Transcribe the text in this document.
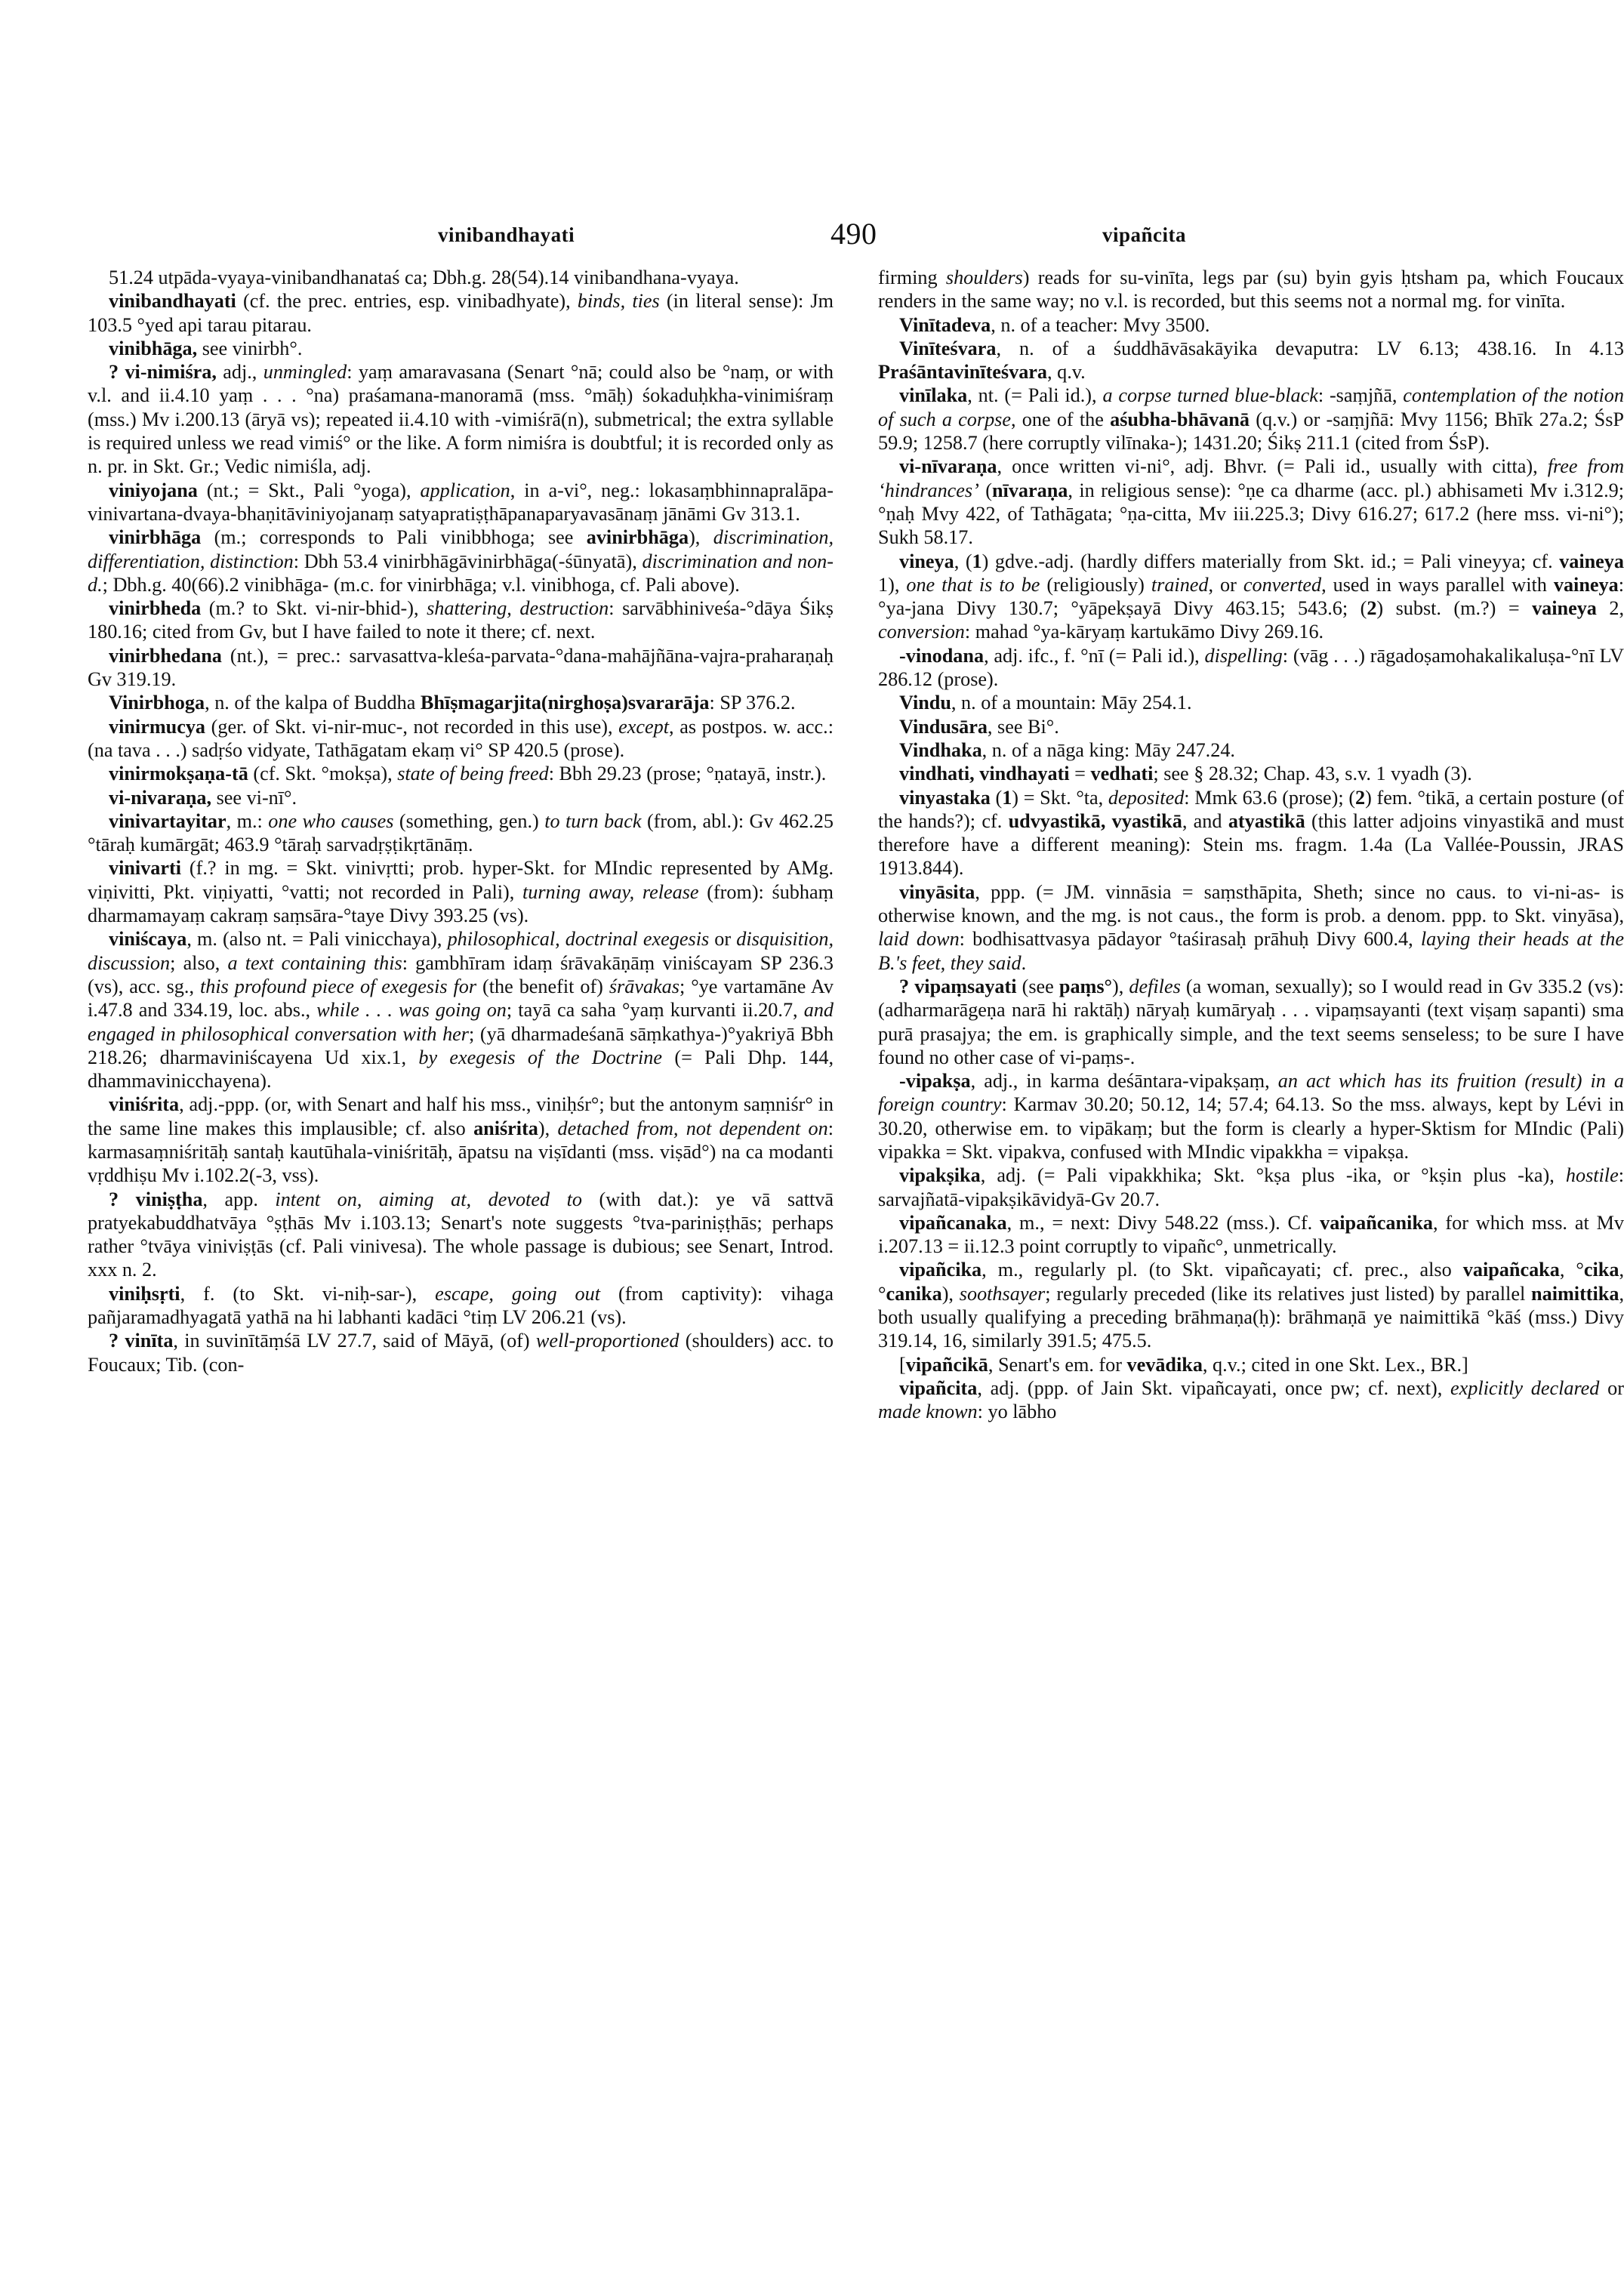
vinibandhayati	490	vipañcita

51.24 utpāda-vyaya-vinibandhanataś ca; Dbh.g. 28(54).14 vinibandhana-vyaya.

vinibandhayati (cf. the prec. entries, esp. vinibadhyate), binds, ties (in literal sense): Jm 103.5 °yed api tarau pitarau.

vinibhāga, see vinirbh°.

? vi-nimiśra, adj., unmingled: yaṃ amaravasana (Senart °nā; could also be °naṃ, or with v.l. and ii.4.10 yaṃ . . . °na) praśamana-manoramā (mss. °māḥ) śokaduḥkha-vinimiśraṃ (mss.) Mv i.200.13 (āryā vs); repeated ii.4.10 with -vimiśrā(n), submetrical; the extra syllable is required unless we read vimiś° or the like. A form nimiśra is doubtful; it is recorded only as n. pr. in Skt. Gr.; Vedic nimiśla, adj.

viniyojana (nt.; = Skt., Pali °yoga), application, in a-vi°, neg.: lokasaṃbhinnapralāpa-vinivartana-dvaya-bhaṇitāviniyojanaṃ satyapratiṣṭhāpanaparyavasānaṃ jānāmi Gv 313.1.

vinirbhāga (m.; corresponds to Pali vinibbhoga; see avinirbhāga), discrimination, differentiation, distinction: Dbh 53.4 vinirbhāgāvinirbhāga(-śūnyatā), discrimination and non-d.; Dbh.g. 40(66).2 vinibhāga- (m.c. for vinirbhāga; v.l. vinibhoga, cf. Pali above).

vinirbheda (m.? to Skt. vi-nir-bhid-), shattering, destruction: sarvābhiniveśa-°dāya Śikṣ 180.16; cited from Gv, but I have failed to note it there; cf. next.

vinirbhedana (nt.), = prec.: sarvasattva-kleśa-parvata-°dana-mahājñāna-vajra-praharaṇaḥ Gv 319.19.

Vinirbhoga, n. of the kalpa of Buddha Bhīṣmagarjita(nirghoṣa)svararāja: SP 376.2.

vinirmucya (ger. of Skt. vi-nir-muc-, not recorded in this use), except, as postpos. w. acc.: (na tava . . .) sadṛśo vidyate, Tathāgatam ekaṃ vi° SP 420.5 (prose).

vinirmokṣaṇa-tā (cf. Skt. °mokṣa), state of being freed: Bbh 29.23 (prose; °ṇatayā, instr.).

vi-nivaraṇa, see vi-nī°.

vinivartayitar, m.: one who causes (something, gen.) to turn back (from, abl.): Gv 462.25 °tāraḥ kumārgāt; 463.9 °tāraḥ sarvadṛṣṭikṛtānāṃ.

vinivarti (f.? in mg. = Skt. vinivṛtti; prob. hyper-Skt. for MIndic represented by AMg. viṇivitti, Pkt. viṇiyatti, °vatti; not recorded in Pali), turning away, release (from): śubhaṃ dharmamayaṃ cakraṃ saṃsāra-°taye Divy 393.25 (vs).

viniścaya, m. (also nt. = Pali vinicchaya), philosophical, doctrinal exegesis or disquisition, discussion; also, a text containing this: gambhīram idaṃ śrāvakāṇāṃ viniścayam SP 236.3 (vs), acc. sg., this profound piece of exegesis for (the benefit of) śrāvakas; °ye vartamāne Av i.47.8 and 334.19, loc. abs., while . . . was going on; tayā ca saha °yaṃ kurvanti ii.20.7, and engaged in philosophical conversation with her; (yā dharmadeśanā sāṃkathya-)°yakriyā Bbh 218.26; dharmaviniścayena Ud xix.1, by exegesis of the Doctrine (= Pali Dhp. 144, dhammavinicchayena).

viniśrita, adj.-ppp. (or, with Senart and half his mss., viniḥśr°; but the antonym saṃniśr° in the same line makes this implausible; cf. also aniśrita), detached from, not dependent on: karmasaṃniśritāḥ santaḥ kautūhala-viniśritāḥ, āpatsu na viṣīdanti (mss. viṣād°) na ca modanti vṛddhiṣu Mv i.102.2(-3, vss).

? viniṣṭha, app. intent on, aiming at, devoted to (with dat.): ye vā sattvā pratyekabuddhatvāya °ṣṭhās Mv i.103.13; Senart's note suggests °tva-pariniṣṭhās; perhaps rather °tvāya viniviṣṭās (cf. Pali vinivesa). The whole passage is dubious; see Senart, Introd. xxx n. 2.

viniḥsṛti, f. (to Skt. vi-niḥ-sar-), escape, going out (from captivity): vihaga pañjaramadhyagatā yathā na hi labhanti kadāci °tiṃ LV 206.21 (vs).

? vinīta, in suvinītāṃśā LV 27.7, said of Māyā, (of) well-proportioned (shoulders) acc. to Foucaux; Tib. (con-

firming shoulders) reads for su-vinīta, legs par (su) byin gyis ḥtsham pa, which Foucaux renders in the same way; no v.l. is recorded, but this seems not a normal mg. for vinīta.

Vinītadeva, n. of a teacher: Mvy 3500.

Vinīteśvara, n. of a śuddhāvāsakāyika devaputra: LV 6.13; 438.16. In 4.13 Praśāntavinīteśvara, q.v.

vinīlaka, nt. (= Pali id.), a corpse turned blue-black: -saṃjñā, contemplation of the notion of such a corpse, one of the aśubha-bhāvanā (q.v.) or -saṃjñā: Mvy 1156; Bhīk 27a.2; ŚsP 59.9; 1258.7 (here corruptly vilīnaka-); 1431.20; Śikṣ 211.1 (cited from ŚsP).

vi-nīvaraṇa, once written vi-ni°, adj. Bhvr. (= Pali id., usually with citta), free from ‘hindrances’ (nīvaraṇa, in religious sense): °ṇe ca dharme (acc. pl.) abhisameti Mv i.312.9; °ṇaḥ Mvy 422, of Tathāgata; °ṇa-citta, Mv iii.225.3; Divy 616.27; 617.2 (here mss. vi-ni°); Sukh 58.17.

vineya, (1) gdve.-adj. (hardly differs materially from Skt. id.; = Pali vineyya; cf. vaineya 1), one that is to be (religiously) trained, or converted, used in ways parallel with vaineya: °ya-jana Divy 130.7; °yāpekṣayā Divy 463.15; 543.6; (2) subst. (m.?) = vaineya 2, conversion: mahad °ya-kāryaṃ kartukāmo Divy 269.16.

-vinodana, adj. ifc., f. °nī (= Pali id.), dispelling: (vāg . . .) rāgadoṣamohakalikaluṣa-°nī LV 286.12 (prose).

Vindu, n. of a mountain: Māy 254.1.

Vindusāra, see Bi°.

Vindhaka, n. of a nāga king: Māy 247.24.

vindhati, vindhayati = vedhati; see § 28.32; Chap. 43, s.v. 1 vyadh (3).

vinyastaka (1) = Skt. °ta, deposited: Mmk 63.6 (prose); (2) fem. °tikā, a certain posture (of the hands?); cf. udvyastikā, vyastikā, and atyastikā (this latter adjoins vinyastikā and must therefore have a different meaning): Stein ms. fragm. 1.4a (La Vallée-Poussin, JRAS 1913.844).

vinyāsita, ppp. (= JM. vinnāsia = saṃsthāpita, Sheth; since no caus. to vi-ni-as- is otherwise known, and the mg. is not caus., the form is prob. a denom. ppp. to Skt. vinyāsa), laid down: bodhisattvasya pādayor °taśirasaḥ prāhuḥ Divy 600.4, laying their heads at the B.'s feet, they said.

? vipaṃsayati (see paṃs°), defiles (a woman, sexually); so I would read in Gv 335.2 (vs): (adharmarāgeṇa narā hi raktāḥ) nāryaḥ kumāryaḥ . . . vipaṃsayanti (text viṣaṃ sapanti) sma purā prasajya; the em. is graphically simple, and the text seems senseless; to be sure I have found no other case of vi-paṃs-.

-vipakṣa, adj., in karma deśāntara-vipakṣaṃ, an act which has its fruition (result) in a foreign country: Karmav 30.20; 50.12, 14; 57.4; 64.13. So the mss. always, kept by Lévi in 30.20, otherwise em. to vipākaṃ; but the form is clearly a hyper-Sktism for MIndic (Pali) vipakka = Skt. vipakva, confused with MIndic vipakkha = vipakṣa.

vipakṣika, adj. (= Pali vipakkhika; Skt. °kṣa plus -ika, or °kṣin plus -ka), hostile: sarvajñatā-vipakṣikāvidyā-Gv 20.7.

vipañcanaka, m., = next: Divy 548.22 (mss.). Cf. vaipañcanika, for which mss. at Mv i.207.13 = ii.12.3 point corruptly to vipañc°, unmetrically.

vipañcika, m., regularly pl. (to Skt. vipañcayati; cf. prec., also vaipañcaka, °cika, °canika), soothsayer; regularly preceded (like its relatives just listed) by parallel naimittika, both usually qualifying a preceding brāhmaṇa(ḥ): brāhmaṇā ye naimittikā °kāś (mss.) Divy 319.14, 16, similarly 391.5; 475.5.

[vipañcikā, Senart's em. for vevādika, q.v.; cited in one Skt. Lex., BR.]

vipañcita, adj. (ppp. of Jain Skt. vipañcayati, once pw; cf. next), explicitly declared or made known: yo lābho
